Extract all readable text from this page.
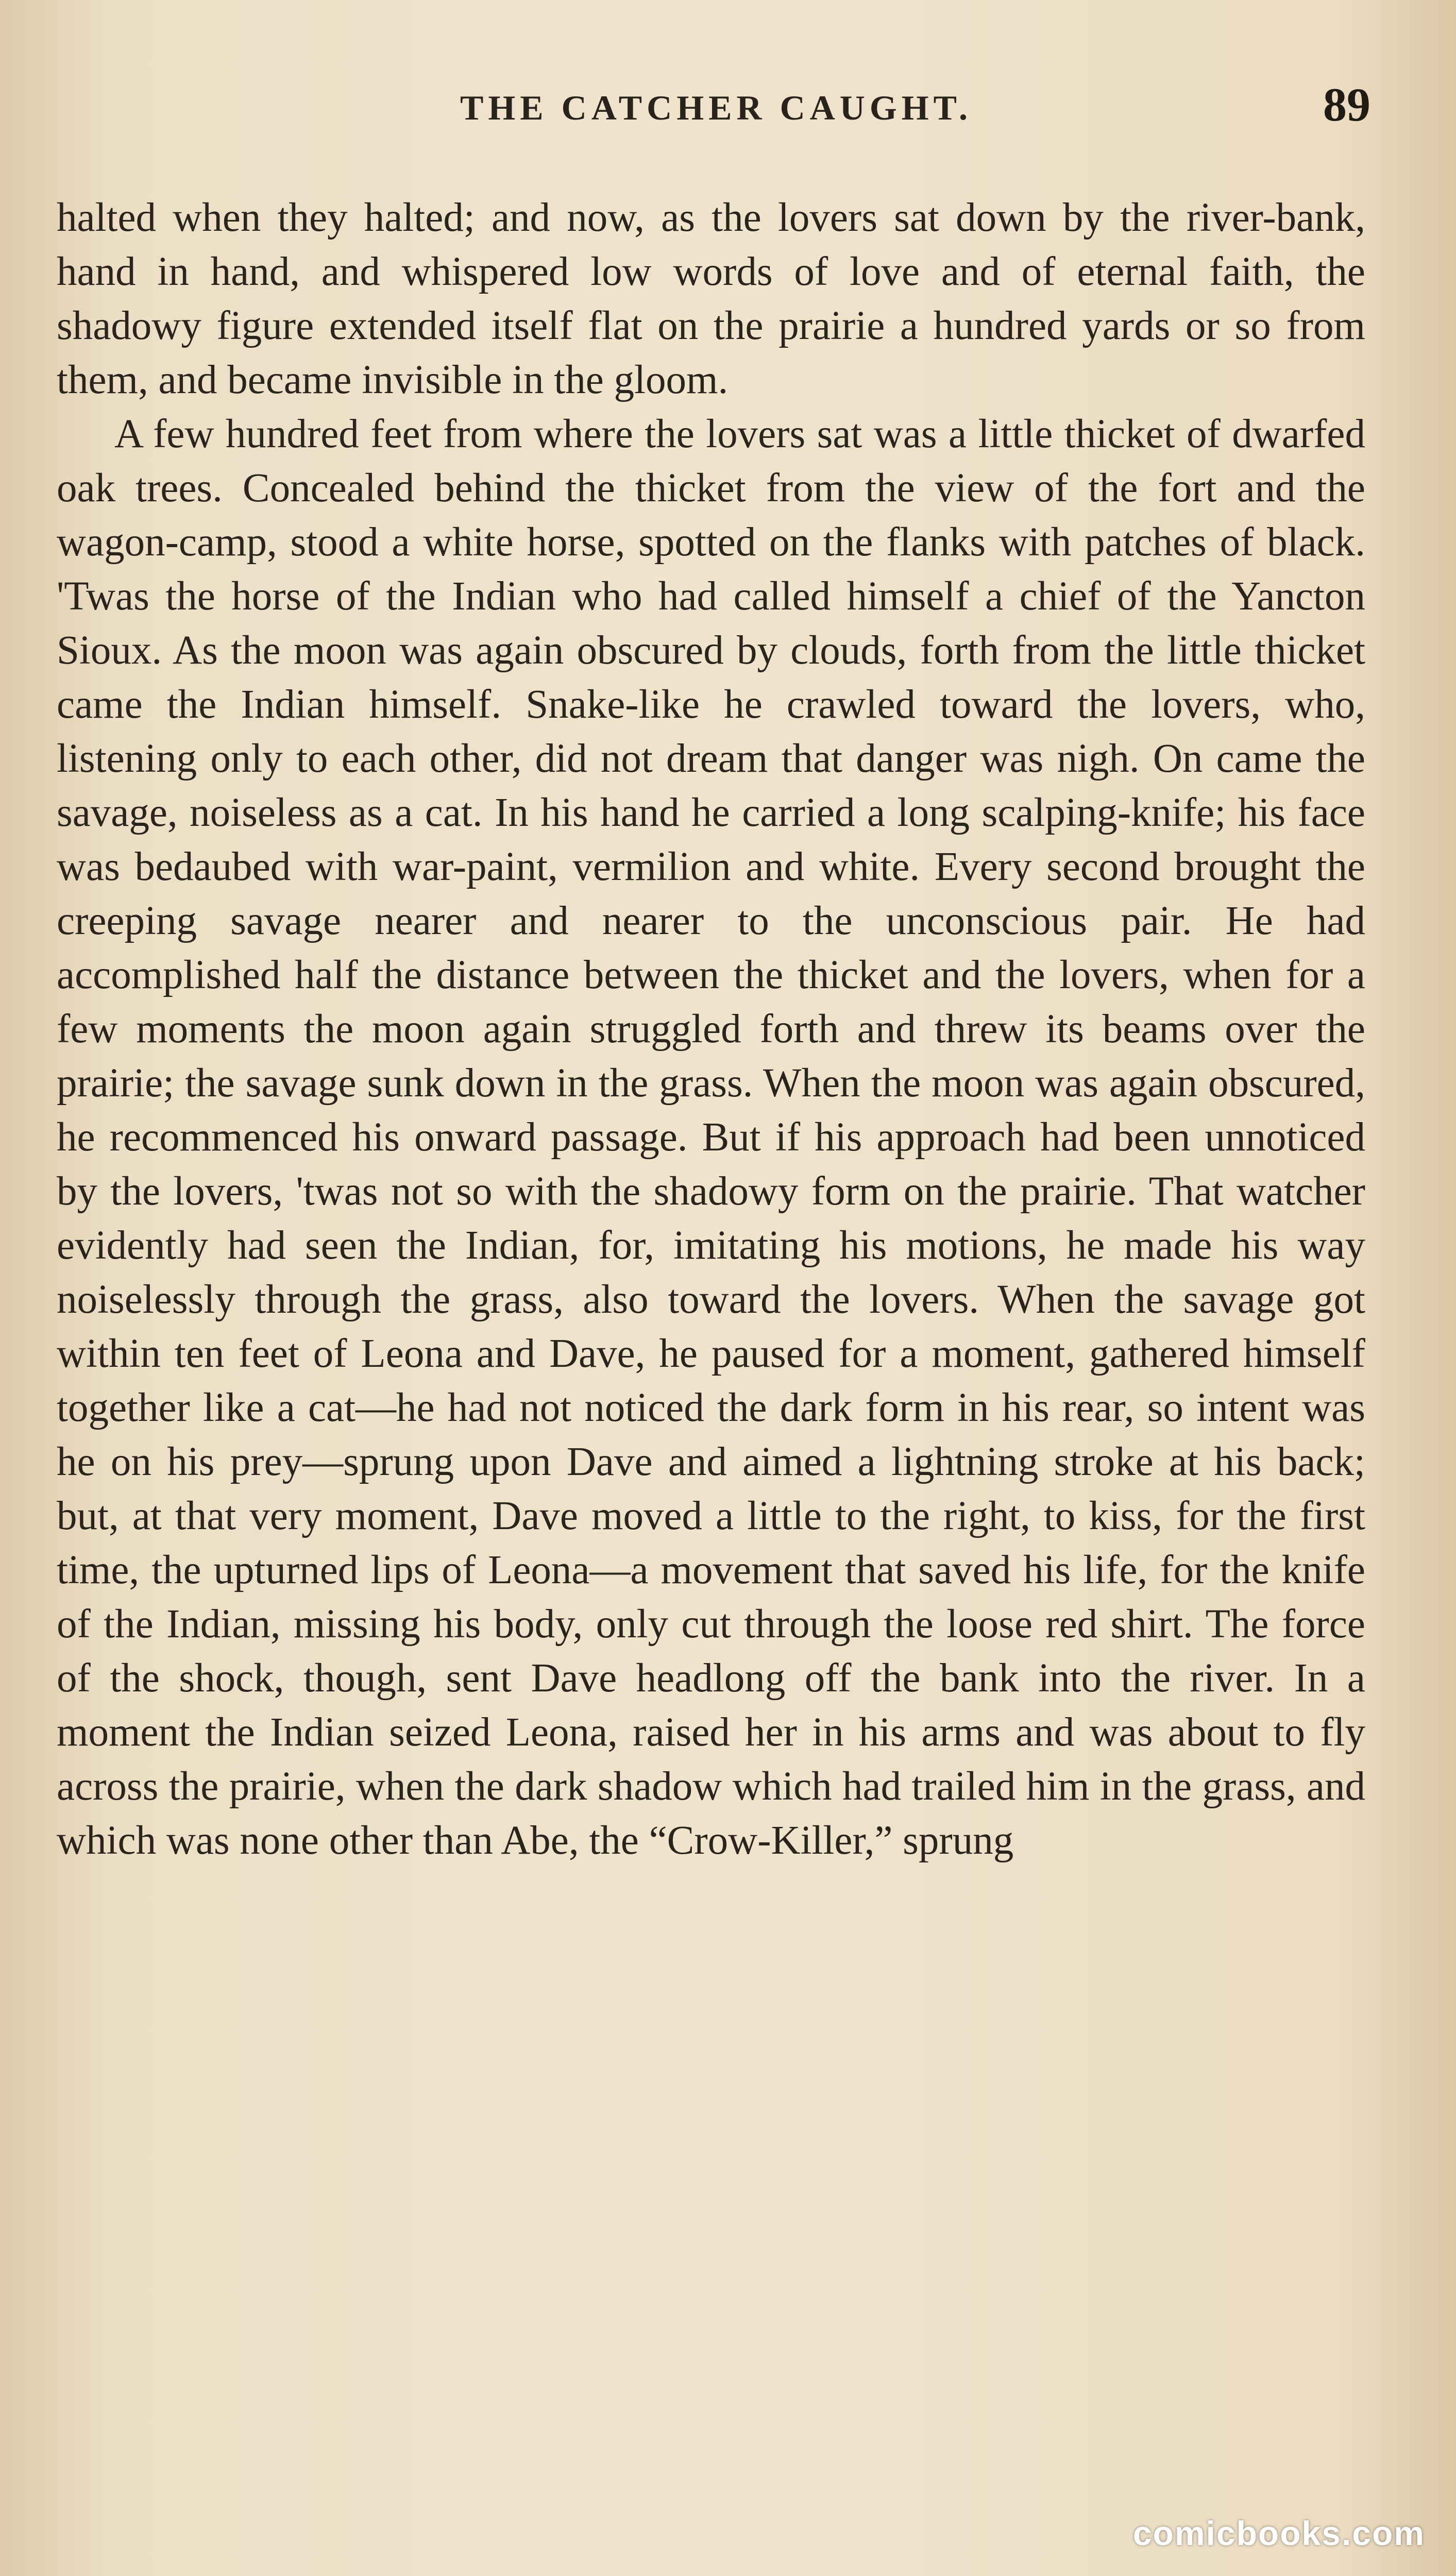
THE CATCHER CAUGHT.	89

halted when they halted; and now, as the lovers sat down by the river-bank, hand in hand, and whispered low words of love and of eternal faith, the shadowy figure extended itself flat on the prairie a hundred yards or so from them, and became invisible in the gloom.

A few hundred feet from where the lovers sat was a little thicket of dwarfed oak trees. Concealed behind the thicket from the view of the fort and the wagon-camp, stood a white horse, spotted on the flanks with patches of black. 'Twas the horse of the Indian who had called himself a chief of the Yancton Sioux. As the moon was again obscured by clouds, forth from the little thicket came the Indian himself. Snake-like he crawled toward the lovers, who, listening only to each other, did not dream that danger was nigh. On came the savage, noiseless as a cat. In his hand he carried a long scalping-knife; his face was bedaubed with war-paint, vermilion and white. Every second brought the creeping savage nearer and nearer to the unconscious pair. He had accomplished half the distance between the thicket and the lovers, when for a few moments the moon again struggled forth and threw its beams over the prairie; the savage sunk down in the grass. When the moon was again obscured, he recommenced his onward passage. But if his approach had been unnoticed by the lovers, 'twas not so with the shadowy form on the prairie. That watcher evidently had seen the Indian, for, imitating his motions, he made his way noiselessly through the grass, also toward the lovers. When the savage got within ten feet of Leona and Dave, he paused for a moment, gathered himself together like a cat—he had not noticed the dark form in his rear, so intent was he on his prey—sprung upon Dave and aimed a lightning stroke at his back; but, at that very moment, Dave moved a little to the right, to kiss, for the first time, the upturned lips of Leona—a movement that saved his life, for the knife of the Indian, missing his body, only cut through the loose red shirt. The force of the shock, though, sent Dave headlong off the bank into the river. In a moment the Indian seized Leona, raised her in his arms and was about to fly across the prairie, when the dark shadow which had trailed him in the grass, and which was none other than Abe, the “Crow-Killer,” sprung

comicbooks.com
